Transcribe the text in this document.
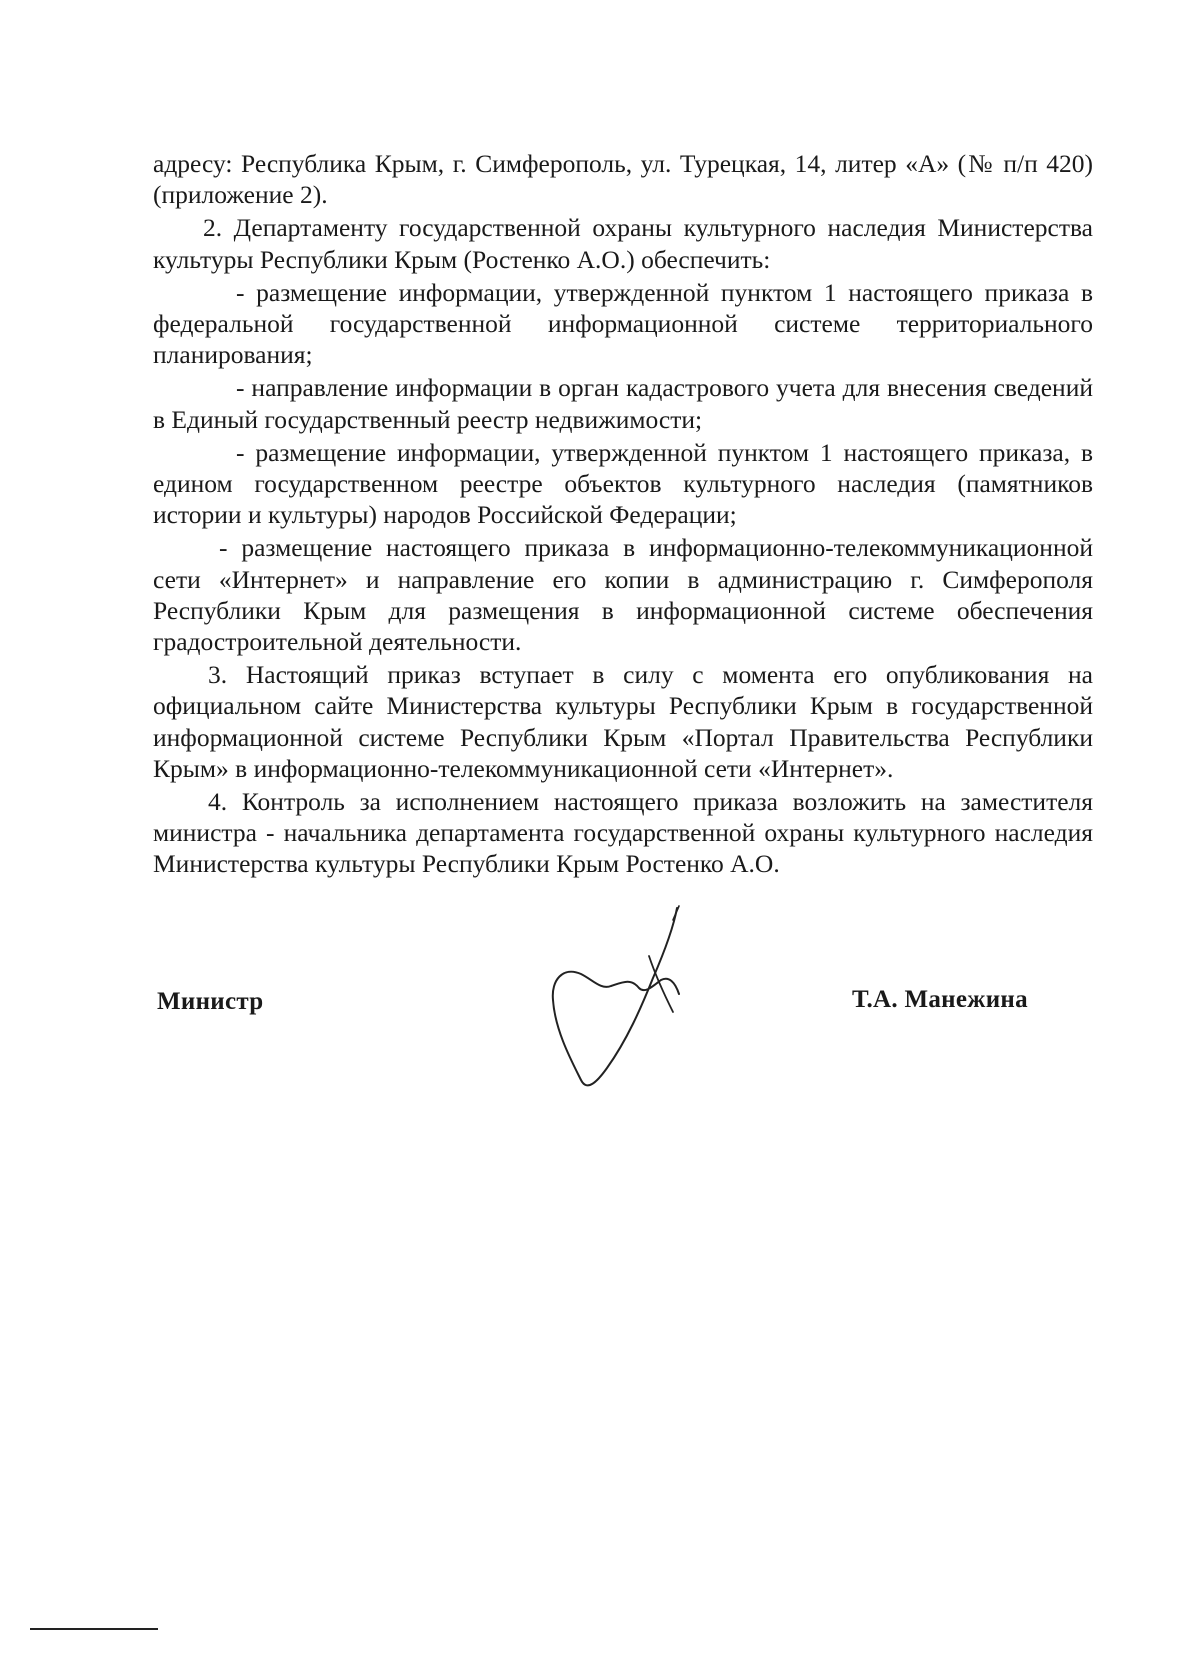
адресу: Республика Крым, г. Симферополь, ул. Турецкая, 14, литер «А» (№ п/п 420) (приложение 2).

2. Департаменту государственной охраны культурного наследия Министерства культуры Республики Крым (Ростенко А.О.) обеспечить:

- размещение информации, утвержденной пунктом 1 настоящего приказа в федеральной государственной информационной системе территориального планирования;

- направление информации в орган кадастрового учета для внесения сведений в Единый государственный реестр недвижимости;

- размещение информации, утвержденной пунктом 1 настоящего приказа, в едином государственном реестре объектов культурного наследия (памятников истории и культуры) народов Российской Федерации;

- размещение настоящего приказа в информационно-телекоммуникационной сети «Интернет» и направление его копии в администрацию г. Симферополя Республики Крым для размещения в информационной системе обеспечения градостроительной деятельности.

3. Настоящий приказ вступает в силу с момента его опубликования на официальном сайте Министерства культуры Республики Крым в государственной информационной системе Республики Крым «Портал Правительства Республики Крым» в информационно-телекоммуникационной сети «Интернет».

4. Контроль за исполнением настоящего приказа возложить на заместителя министра - начальника департамента государственной охраны культурного наследия Министерства культуры Республики Крым Ростенко А.О.

Министр	Т.А. Манежина
